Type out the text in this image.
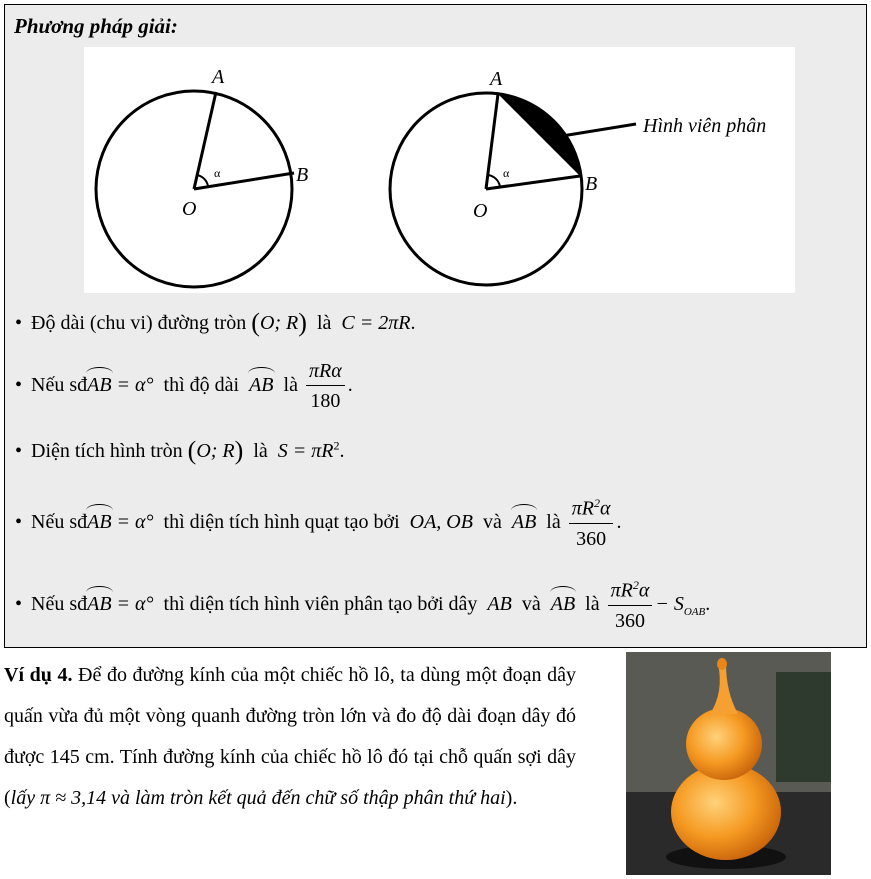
Phương pháp giải:
A
B
O
α
A
B
O
α
Hình viên phân
• Độ dài (chu vi) đường tròn (O; R) là C = 2πR.
• Nếu sđAB = α° thì độ dài AB là $\frac{\text{πRα}}{180}$ .
• Diện tích hình tròn (O; R) là $S = \pi R^2$.
• Nếu sđAB = α° thì diện tích hình quạt tạo bởi OA, OB và AB là $\frac{\pi R^2\alpha}{360}$ .
• Nếu sđAB = α° thì diện tích hình viên phân tạo bởi dây AB và AB là $\frac{\pi R^2\alpha}{360} - S_{OAB}$.
Ví dụ 4. Để đo đường kính của một chiếc hồ lô, ta dùng một đoạn dây quấn vừa đủ một vòng quanh đường tròn lớn và đo độ dài đoạn dây đó được 145 cm. Tính đường kính của chiếc hồ lô đó tại chỗ quấn sợi dây (lấy π ≈ 3,14 và làm tròn kết quả đến chữ số thập phân thứ hai).
